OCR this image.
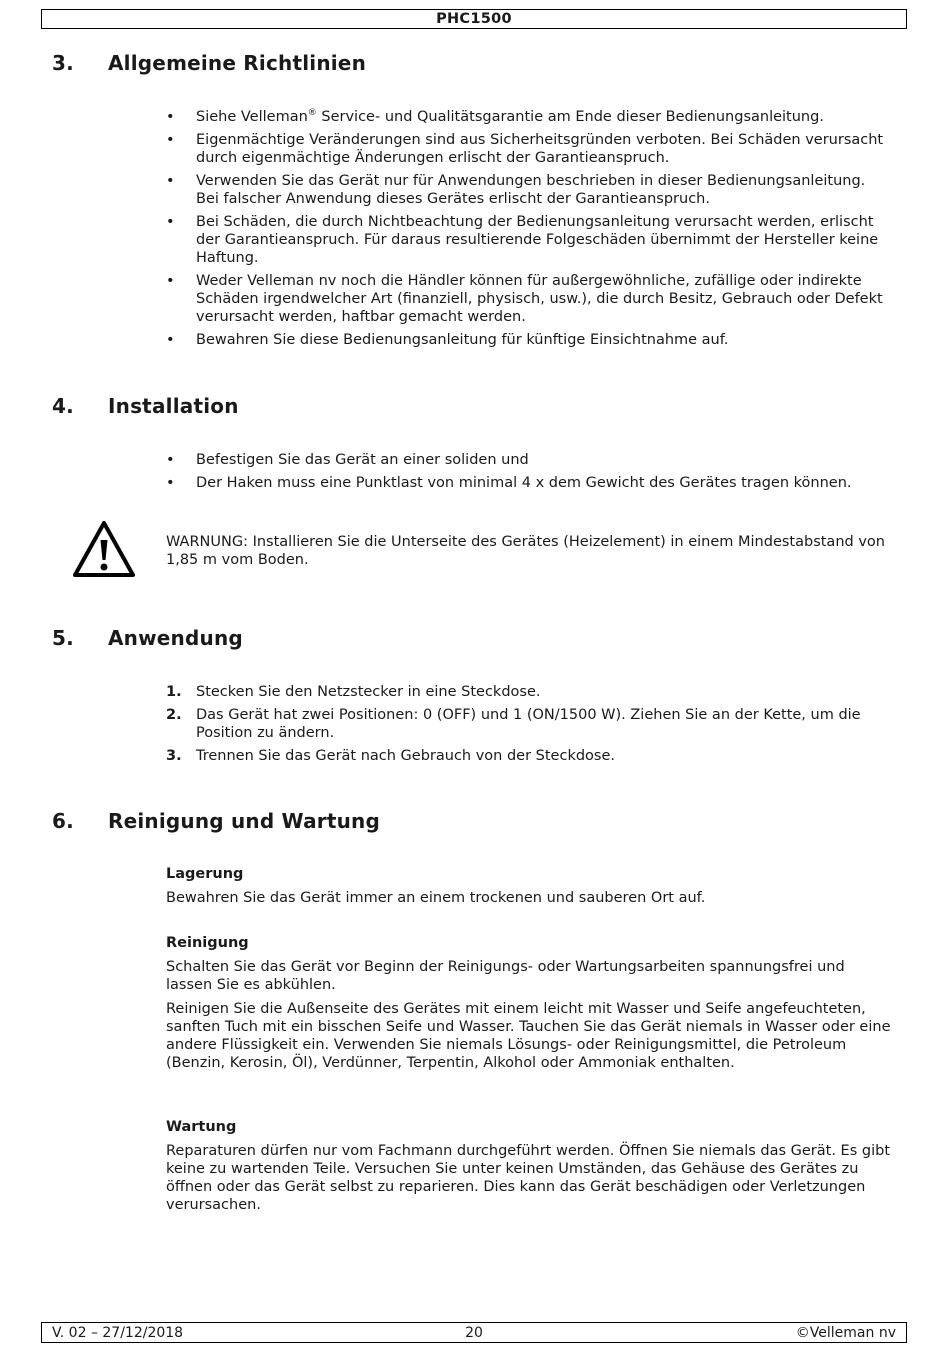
PHC1500
3. Allgemeine Richtlinien
• Siehe Velleman® Service- und Qualitätsgarantie am Ende dieser Bedienungsanleitung.
• Eigenmächtige Veränderungen sind aus Sicherheitsgründen verboten. Bei Schäden verursacht durch eigenmächtige Änderungen erlischt der Garantieanspruch.
• Verwenden Sie das Gerät nur für Anwendungen beschrieben in dieser Bedienungsanleitung. Bei falscher Anwendung dieses Gerätes erlischt der Garantieanspruch.
• Bei Schäden, die durch Nichtbeachtung der Bedienungsanleitung verursacht werden, erlischt der Garantieanspruch. Für daraus resultierende Folgeschäden übernimmt der Hersteller keine Haftung.
• Weder Velleman nv noch die Händler können für außergewöhnliche, zufällige oder indirekte Schäden irgendwelcher Art (finanziell, physisch, usw.), die durch Besitz, Gebrauch oder Defekt verursacht werden, haftbar gemacht werden.
• Bewahren Sie diese Bedienungsanleitung für künftige Einsichtnahme auf.
4. Installation
• Befestigen Sie das Gerät an einer soliden und
• Der Haken muss eine Punktlast von minimal 4 x dem Gewicht des Gerätes tragen können.
WARNUNG: Installieren Sie die Unterseite des Gerätes (Heizelement) in einem Mindestabstand von 1,85 m vom Boden.
5. Anwendung
1. Stecken Sie den Netzstecker in eine Steckdose.
2. Das Gerät hat zwei Positionen: 0 (OFF) und 1 (ON/1500 W). Ziehen Sie an der Kette, um die Position zu ändern.
3. Trennen Sie das Gerät nach Gebrauch von der Steckdose.
6. Reinigung und Wartung
Lagerung

Bewahren Sie das Gerät immer an einem trockenen und sauberen Ort auf.

Reinigung

Schalten Sie das Gerät vor Beginn der Reinigungs- oder Wartungsarbeiten spannungsfrei und lassen Sie es abkühlen.

Reinigen Sie die Außenseite des Gerätes mit einem leicht mit Wasser und Seife angefeuchteten, sanften Tuch mit ein bisschen Seife und Wasser. Tauchen Sie das Gerät niemals in Wasser oder eine andere Flüssigkeit ein. Verwenden Sie niemals Lösungs- oder Reinigungsmittel, die Petroleum (Benzin, Kerosin, Öl), Verdünner, Terpentin, Alkohol oder Ammoniak enthalten.

Wartung

Reparaturen dürfen nur vom Fachmann durchgeführt werden. Öffnen Sie niemals das Gerät. Es gibt keine zu wartenden Teile. Versuchen Sie unter keinen Umständen, das Gehäuse des Gerätes zu öffnen oder das Gerät selbst zu reparieren. Dies kann das Gerät beschädigen oder Verletzungen verursachen.

V. 02 – 27/12/2018	20	©Velleman nv
